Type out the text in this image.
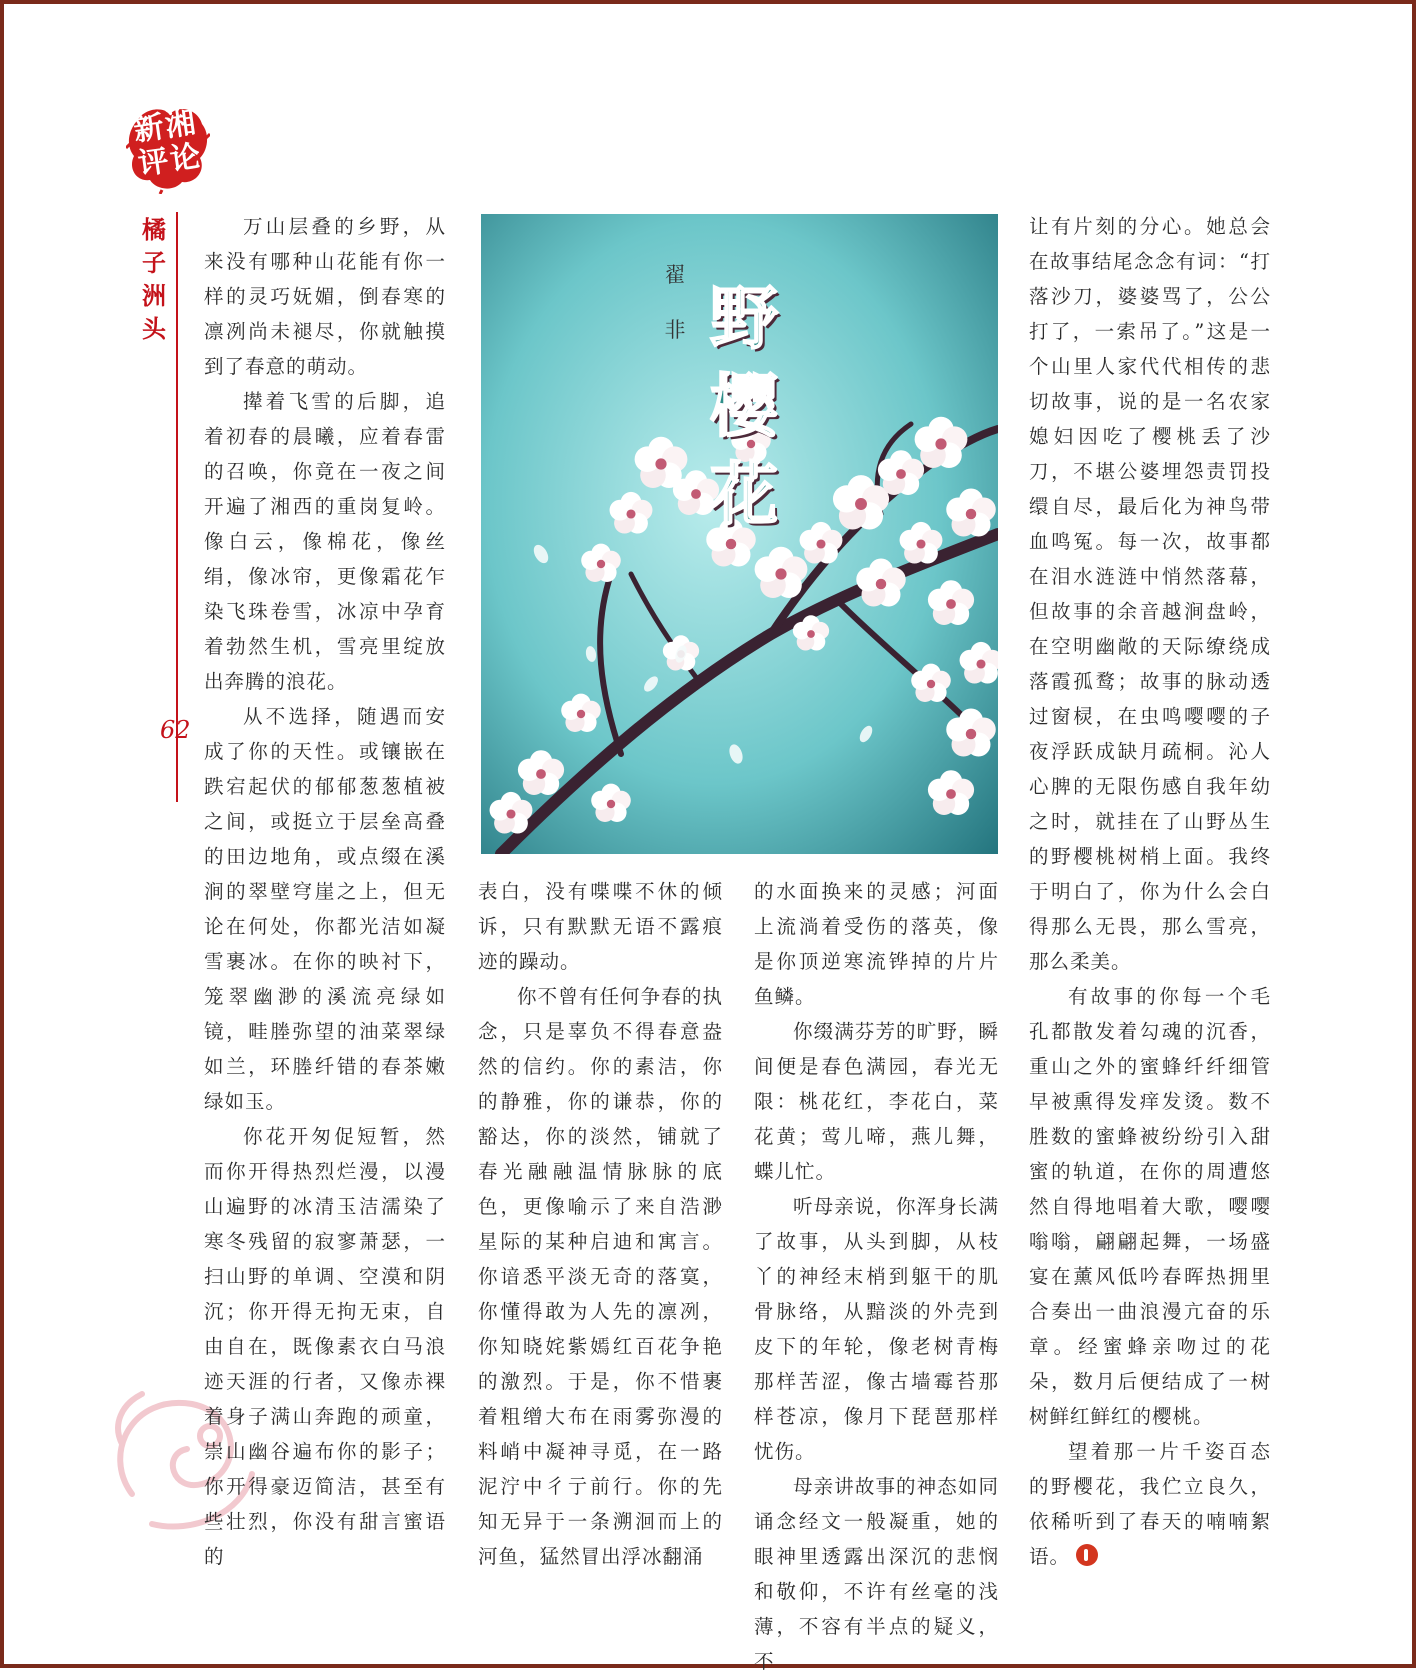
新湘评论
橘子洲头
62

万山层叠的乡野，从来没有哪种山花能有你一样的灵巧妩媚，倒春寒的凛冽尚未褪尽，你就触摸到了春意的萌动。

撵着飞雪的后脚，追着初春的晨曦，应着春雷的召唤，你竟在一夜之间开遍了湘西的重岗复岭。像白云，像棉花，像丝绢，像冰帘，更像霜花乍染飞珠卷雪，冰凉中孕育着勃然生机，雪亮里绽放出奔腾的浪花。

从不选择，随遇而安成了你的天性。或镶嵌在跌宕起伏的郁郁葱葱植被之间，或挺立于层垒高叠的田边地角，或点缀在溪涧的翠壁穹崖之上，但无论在何处，你都光洁如凝雪裹冰。在你的映衬下，笼翠幽渺的溪流亮绿如镜，畦塍弥望的油菜翠绿如兰，环塍纤错的春茶嫩绿如玉。

你花开匆促短暂，然而你开得热烈烂漫，以漫山遍野的冰清玉洁濡染了寒冬残留的寂寥萧瑟，一扫山野的单调、空漠和阴沉；你开得无拘无束，自由自在，既像素衣白马浪迹天涯的行者，又像赤裸着身子满山奔跑的顽童，崇山幽谷遍布你的影子；你开得豪迈简洁，甚至有些壮烈，你没有甜言蜜语的

翟非 野樱花

表白，没有喋喋不休的倾诉，只有默默无语不露痕迹的躁动。

你不曾有任何争春的执念，只是辜负不得春意盎然的信约。你的素洁，你的静雅，你的谦恭，你的豁达，你的淡然，铺就了春光融融温情脉脉的底色，更像喻示了来自浩渺星际的某种启迪和寓言。你谙悉平淡无奇的落寞，你懂得敢为人先的凛冽，你知晓姹紫嫣红百花争艳的激烈。于是，你不惜裹着粗缯大布在雨雾弥漫的料峭中凝神寻觅，在一路泥泞中彳亍前行。你的先知无异于一条溯洄而上的河鱼，猛然冒出浮冰翻涌

的水面换来的灵感；河面上流淌着受伤的落英，像是你顶逆寒流铧掉的片片鱼鳞。

你缀满芬芳的旷野，瞬间便是春色满园，春光无限：桃花红，李花白，菜花黄；莺儿啼，燕儿舞，蝶儿忙。

听母亲说，你浑身长满了故事，从头到脚，从枝丫的神经末梢到躯干的肌骨脉络，从黯淡的外壳到皮下的年轮，像老树青梅那样苦涩，像古墙霉苔那样苍凉，像月下琵琶那样忧伤。

母亲讲故事的神态如同诵念经文一般凝重，她的眼神里透露出深沉的悲悯和敬仰，不许有丝毫的浅薄，不容有半点的疑义，不

让有片刻的分心。她总会在故事结尾念念有词：“打落沙刀，婆婆骂了，公公打了，一索吊了。”这是一个山里人家代代相传的悲切故事，说的是一名农家媳妇因吃了樱桃丢了沙刀，不堪公婆埋怨责罚投缳自尽，最后化为神鸟带血鸣冤。每一次，故事都在泪水涟涟中悄然落幕，但故事的余音越涧盘岭，在空明幽敞的天际缭绕成落霞孤鹜；故事的脉动透过窗棂，在虫鸣嘤嘤的子夜浮跃成缺月疏桐。沁人心脾的无限伤感自我年幼之时，就挂在了山野丛生的野樱桃树梢上面。我终于明白了，你为什么会白得那么无畏，那么雪亮，那么柔美。

有故事的你每一个毛孔都散发着勾魂的沉香，重山之外的蜜蜂纤纤细管早被熏得发痒发烫。数不胜数的蜜蜂被纷纷引入甜蜜的轨道，在你的周遭悠然自得地唱着大歌，嘤嘤嗡嗡，翩翩起舞，一场盛宴在薰风低吟春晖热拥里合奏出一曲浪漫亢奋的乐章。经蜜蜂亲吻过的花朵，数月后便结成了一树树鲜红鲜红的樱桃。

望着那一片千姿百态的野樱花，我伫立良久，依稀听到了春天的喃喃絮语。
